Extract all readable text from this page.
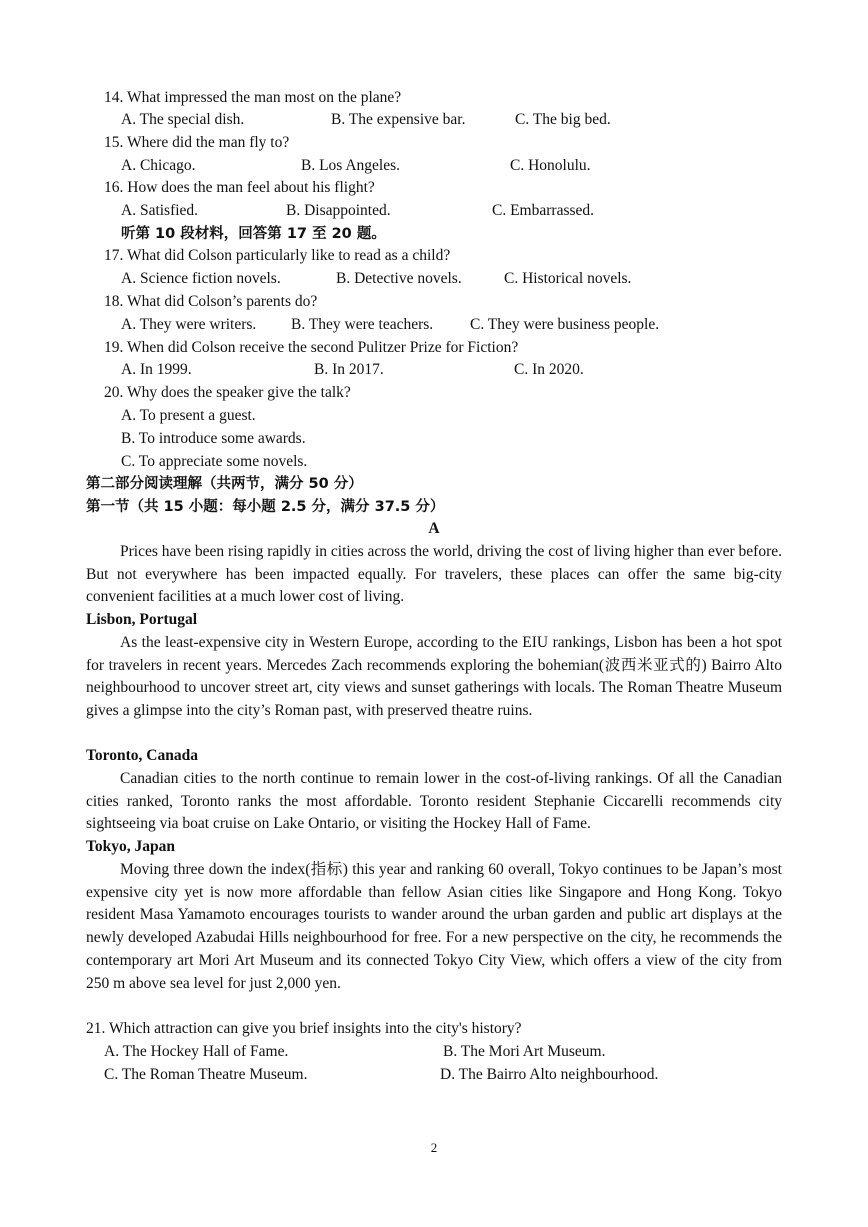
14. What impressed the man most on the plane?
A. The special dish.	B. The expensive bar.	C. The big bed.
15. Where did the man fly to?
A. Chicago.	B. Los Angeles.	C. Honolulu.
16. How does the man feel about his flight?
A. Satisfied.	B. Disappointed.	C. Embarrassed.
听第 10 段材料，回答第 17 至 20 题。
17. What did Colson particularly like to read as a child?
A. Science fiction novels.	B. Detective novels.	C. Historical novels.
18. What did Colson’s parents do?
A. They were writers. B. They were teachers. C. They were business people.
19. When did Colson receive the second Pulitzer Prize for Fiction?
A. In 1999.	B. In 2017.	C. In 2020.
20. Why does the speaker give the talk?
A. To present a guest.
B. To introduce some awards.
C. To appreciate some novels.
第二部分阅读理解（共两节，满分 50 分）
第一节（共 15 小题：每小题 2.5 分，满分 37.5 分）
A

Prices have been rising rapidly in cities across the world, driving the cost of living higher than ever before. But not everywhere has been impacted equally. For travelers, these places can offer the same big-city convenient facilities at a much lower cost of living.

Lisbon, Portugal

As the least-expensive city in Western Europe, according to the EIU rankings, Lisbon has been a hot spot for travelers in recent years. Mercedes Zach recommends exploring the bohemian(波西米亚式的) Bairro Alto neighbourhood to uncover street art, city views and sunset gatherings with locals. The Roman Theatre Museum gives a glimpse into the city’s Roman past, with preserved theatre ruins.

Toronto, Canada

Canadian cities to the north continue to remain lower in the cost-of-living rankings. Of all the Canadian cities ranked, Toronto ranks the most affordable. Toronto resident Stephanie Ciccarelli recommends city sightseeing via boat cruise on Lake Ontario, or visiting the Hockey Hall of Fame.

Tokyo, Japan

Moving three down the index(指标) this year and ranking 60 overall, Tokyo continues to be Japan’s most expensive city yet is now more affordable than fellow Asian cities like Singapore and Hong Kong. Tokyo resident Masa Yamamoto encourages tourists to wander around the urban garden and public art displays at the newly developed Azabudai Hills neighbourhood for free. For a new perspective on the city, he recommends the contemporary art Mori Art Museum and its connected Tokyo City View, which offers a view of the city from 250 m above sea level for just 2,000 yen.

21. Which attraction can give you brief insights into the city's history?
A. The Hockey Hall of Fame.	B. The Mori Art Museum.
C. The Roman Theatre Museum.	D. The Bairro Alto neighbourhood.
2
